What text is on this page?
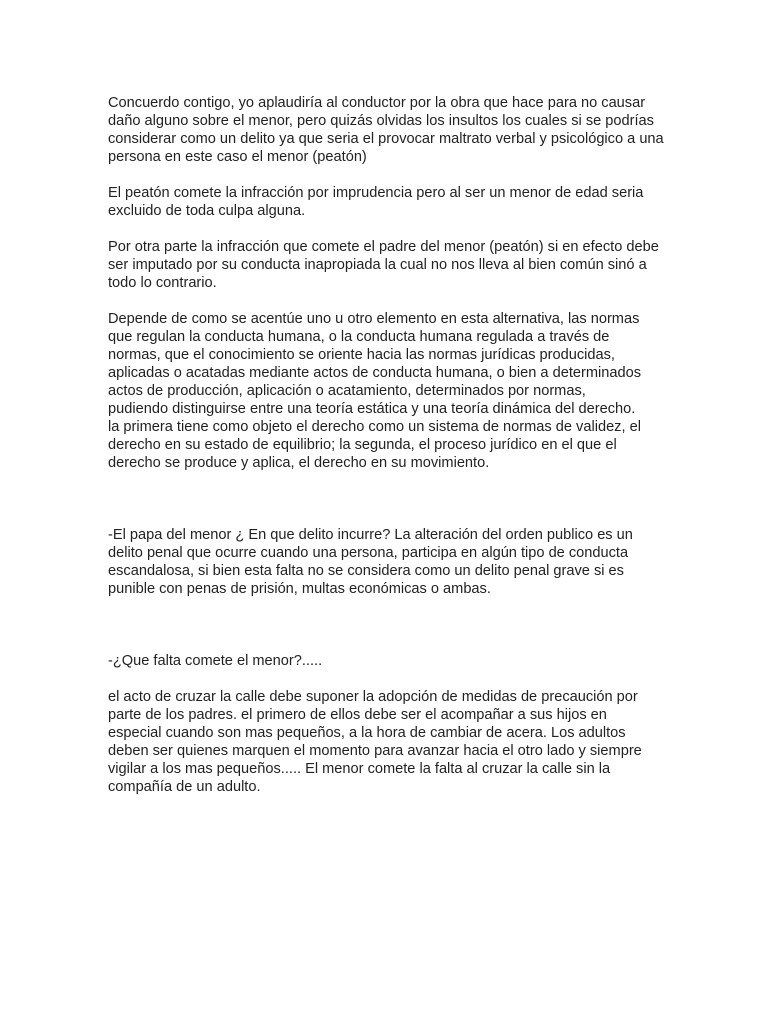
Concuerdo contigo, yo aplaudiría al conductor por la obra que hace para no causar
daño alguno sobre el menor, pero quizás olvidas los insultos los cuales si se podrías
considerar como un delito ya que seria el provocar maltrato verbal y psicológico a una
persona en este caso el menor (peatón)

El peatón comete la infracción por imprudencia pero al ser un menor de edad seria
excluido de toda culpa alguna.

Por otra parte la infracción que comete el padre del menor (peatón) si en efecto debe
ser imputado por su conducta inapropiada la cual no nos lleva al bien común sinó a
todo lo contrario.

Depende de como se acentúe uno u otro elemento en esta alternativa, las normas
que regulan la conducta humana, o la conducta humana regulada a través de
normas, que el conocimiento se oriente hacia las normas jurídicas producidas,
aplicadas o acatadas mediante actos de conducta humana, o bien a determinados
actos de producción, aplicación o acatamiento, determinados por normas,
pudiendo distinguirse entre una teoría estática y una teoría dinámica del derecho.
la primera tiene como objeto el derecho como un sistema de normas de validez, el
derecho en su estado de equilibrio; la segunda, el proceso jurídico en el que el
derecho se produce y aplica, el derecho en su movimiento.

-El papa del menor ¿ En que delito incurre? La alteración del orden publico es un
delito penal que ocurre cuando una persona, participa en algún tipo de conducta
escandalosa, si bien esta falta no se considera como un delito penal grave si es
punible con penas de prisión, multas económicas o ambas.

-¿Que falta comete el menor?.....

el acto de cruzar la calle debe suponer la adopción de medidas de precaución por
parte de los padres. el primero de ellos debe ser el acompañar a sus hijos en
especial cuando son mas pequeños, a la hora de cambiar de acera. Los adultos
deben ser quienes marquen el momento para avanzar hacia el otro lado y siempre
vigilar a los mas pequeños..... El menor comete la falta al cruzar la calle sin la
compañía de un adulto.
